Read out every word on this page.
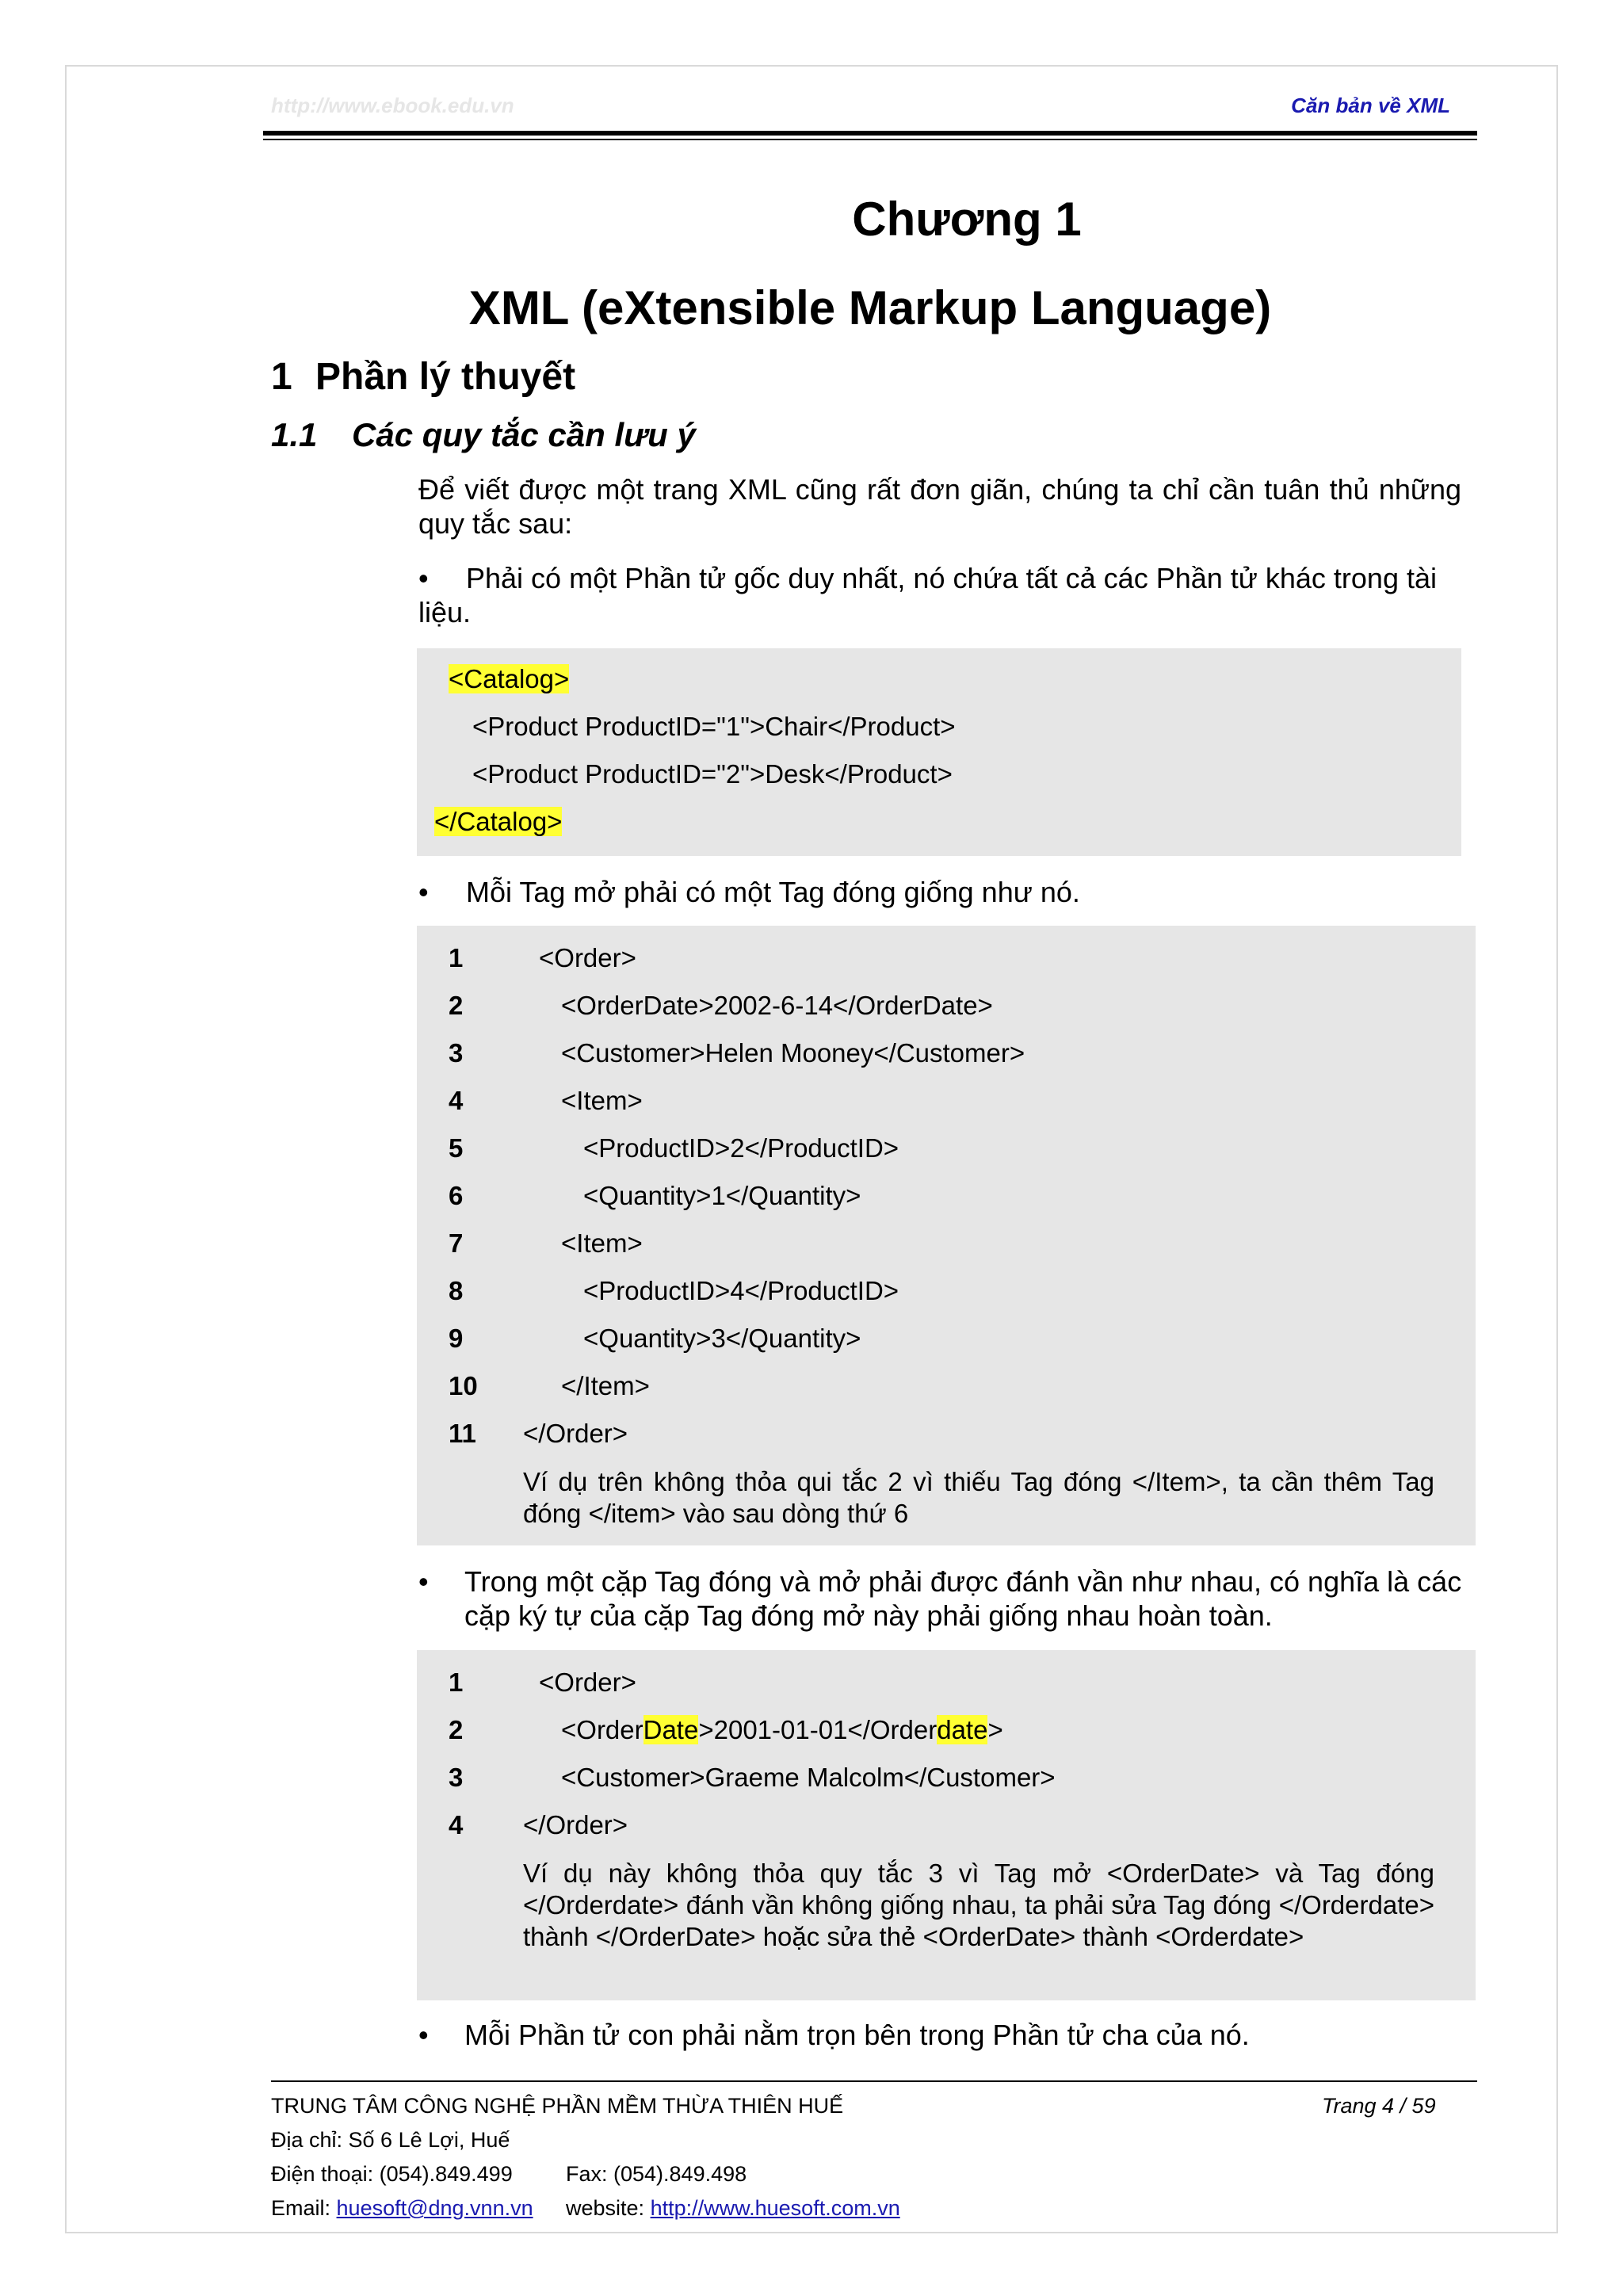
http://www.ebook.edu.vn	Căn bản về XML
Chương 1
XML (eXtensible Markup Language)
1 Phần lý thuyết
1.1 Các quy tắc cần lưu ý
Để viết được một trang XML cũng rất đơn giãn, chúng ta chỉ cần tuân thủ những quy tắc sau:
•	Phải có một Phần tử gốc duy nhất, nó chứa tất cả các Phần tử khác trong tài liệu.
<Catalog>
<Product ProductID="1">Chair</Product>
<Product ProductID="2">Desk</Product>
</Catalog>
•	Mỗi Tag mở phải có một Tag đóng giống như nó.
1	<Order>
2	<OrderDate>2002-6-14</OrderDate>
3	<Customer>Helen Mooney</Customer>
4	<Item>
5	<ProductID>2</ProductID>
6	<Quantity>1</Quantity>
7	<Item>
8	<ProductID>4</ProductID>
9	<Quantity>3</Quantity>
10	</Item>
11 </Order>
Ví dụ trên không thỏa qui tắc 2 vì thiếu Tag đóng </Item>, ta cần thêm Tag đóng </item> vào sau dòng thứ 6
•	Trong một cặp Tag đóng và mở phải được đánh vần như nhau, có nghĩa là các cặp ký tự của cặp Tag đóng mở này phải giống nhau hoàn toàn.
1	<Order>
2	<OrderDate>2001-01-01</Orderdate>
3	<Customer>Graeme Malcolm</Customer>
4 </Order>
Ví dụ này không thỏa quy tắc 3 vì Tag mở <OrderDate> và Tag đóng </Orderdate> đánh vần không giống nhau, ta phải sửa Tag đóng </Orderdate> thành </OrderDate> hoặc sửa thẻ <OrderDate> thành <Orderdate>
•	Mỗi Phần tử con phải nằm trọn bên trong Phần tử cha của nó.
TRUNG TÂM CÔNG NGHỆ PHẦN MỀM THỪA THIÊN HUẾ	Trang 4 / 59
Địa chỉ: Số 6 Lê Lợi, Huế
Điện thoại: (054).849.499 Fax: (054).849.498
Email: huesoft@dng.vnn.vn website: http://www.huesoft.com.vn
